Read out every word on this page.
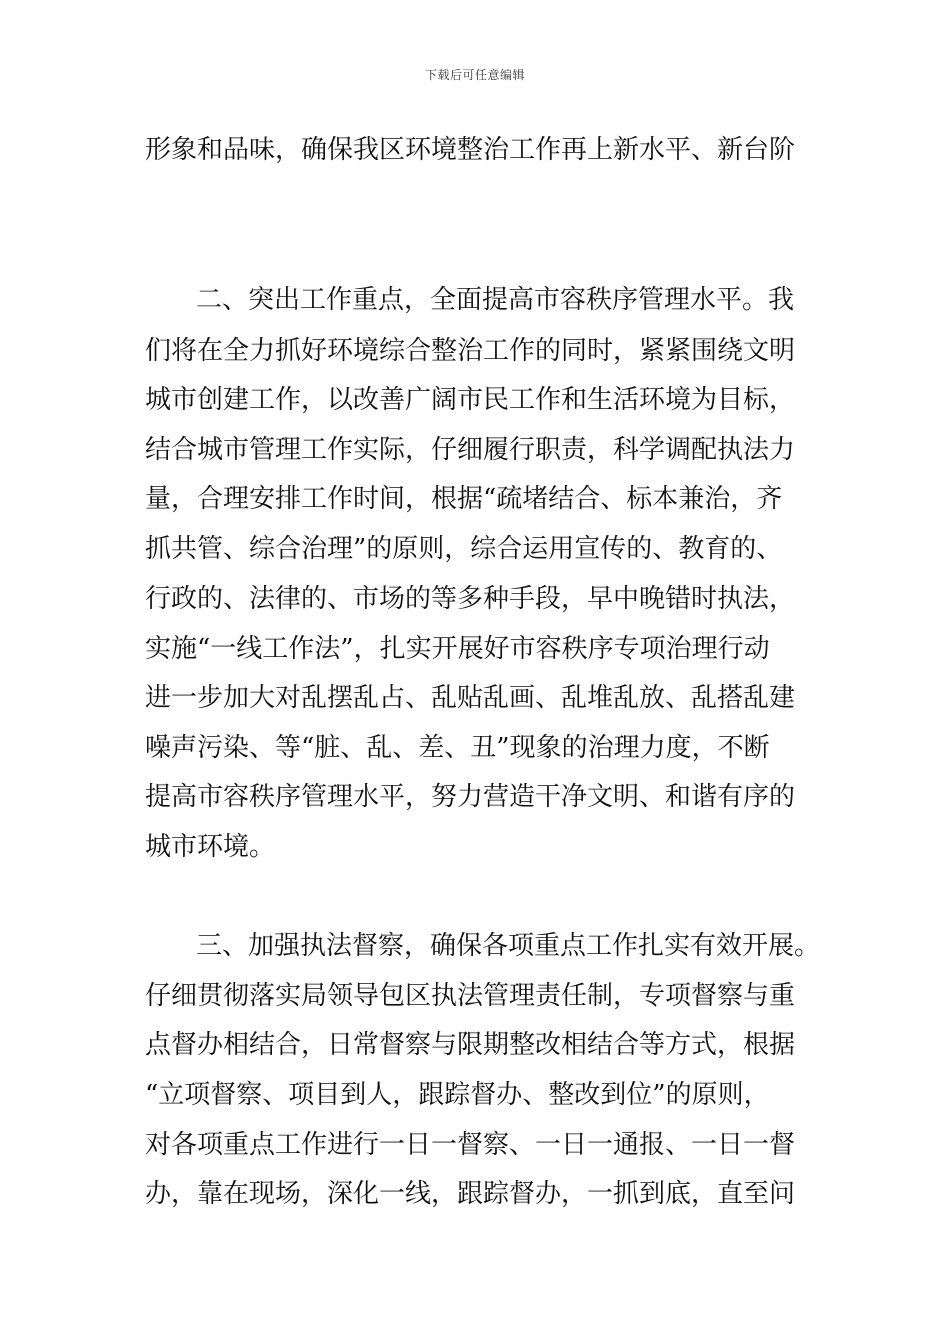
下载后可任意编辑
形象和品味，确保我区环境整治工作再上新水平、新台阶
二、突出工作重点，全面提高市容秩序管理水平。我
们将在全力抓好环境综合整治工作的同时，紧紧围绕文明
城市创建工作，以改善广阔市民工作和生活环境为目标，
结合城市管理工作实际，仔细履行职责，科学调配执法力
量，合理安排工作时间，根据“疏堵结合、标本兼治，齐
抓共管、综合治理”的原则，综合运用宣传的、教育的、
行政的、法律的、市场的等多种手段，早中晚错时执法，
实施“一线工作法”，扎实开展好市容秩序专项治理行动
进一步加大对乱摆乱占、乱贴乱画、乱堆乱放、乱搭乱建
噪声污染、等“脏、乱、差、丑”现象的治理力度，不断
提高市容秩序管理水平，努力营造干净文明、和谐有序的
城市环境。
三、加强执法督察，确保各项重点工作扎实有效开展。
仔细贯彻落实局领导包区执法管理责任制，专项督察与重
点督办相结合，日常督察与限期整改相结合等方式，根据
“立项督察、项目到人，跟踪督办、整改到位”的原则，
对各项重点工作进行一日一督察、一日一通报、一日一督
办，靠在现场，深化一线，跟踪督办，一抓到底，直至问
